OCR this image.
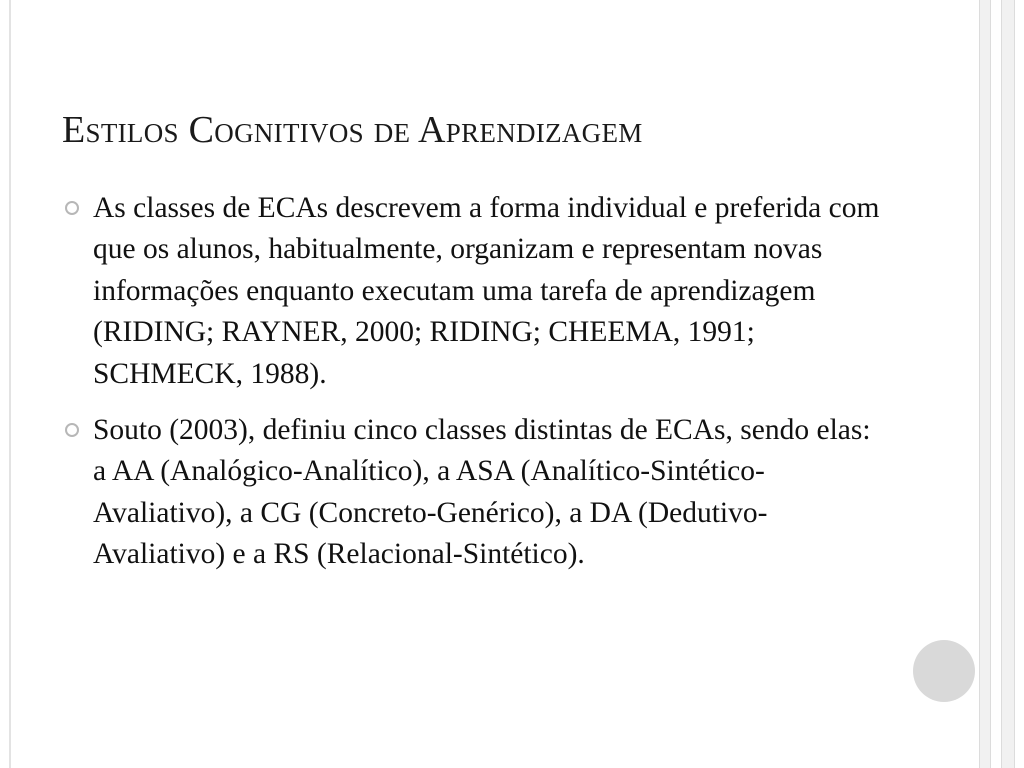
Estilos Cognitivos de Aprendizagem
As classes de ECAs descrevem a forma individual e preferida com que os alunos, habitualmente, organizam e representam novas informações enquanto executam uma tarefa de aprendizagem (RIDING; RAYNER, 2000; RIDING; CHEEMA, 1991; SCHMECK, 1988).
Souto (2003), definiu cinco classes distintas de ECAs, sendo elas: a AA (Analógico-Analítico), a ASA (Analítico-Sintético-Avaliativo), a CG (Concreto-Genérico), a DA (Dedutivo-Avaliativo) e a RS (Relacional-Sintético).
